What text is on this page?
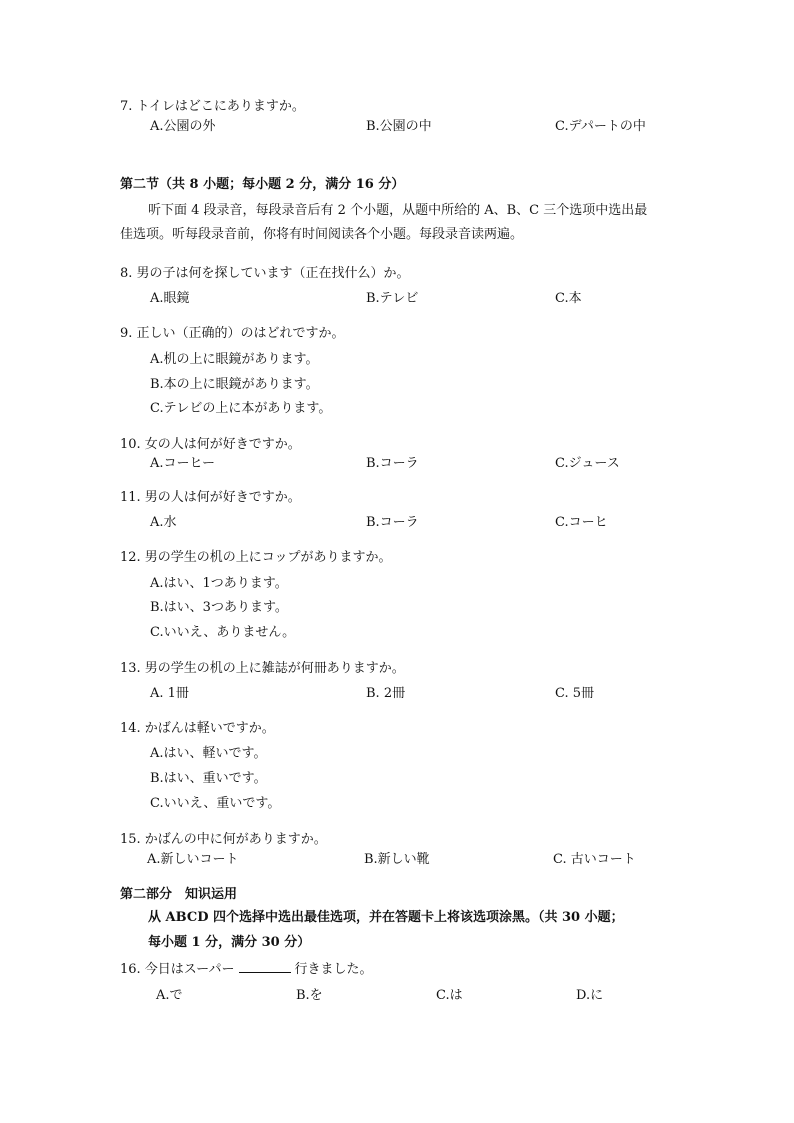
7. トイレはどこにありますか。
A.公園の外	B.公園の中	C.デパートの中
第二节（共 8 小题；每小题 2 分，满分 16 分）
听下面 4 段录音，每段录音后有 2 个小题，从题中所给的 A、B、C 三个选项中选出最
佳选项。听每段录音前，你将有时间阅读各个小题。每段录音读两遍。
8. 男の子は何を探しています（正在找什么）か。
A.眼鏡	B.テレビ	C.本
9. 正しい（正确的）のはどれですか。
A.机の上に眼鏡があります。
B.本の上に眼鏡があります。
C.テレビの上に本があります。
10. 女の人は何が好きですか。
A.コーヒー	B.コーラ	C.ジュース
11. 男の人は何が好きですか。
A.水	B.コーラ	C.コーヒ
12. 男の学生の机の上にコップがありますか。
A.はい、1つあります。
B.はい、3つあります。
C.いいえ、ありません。
13. 男の学生の机の上に雑誌が何冊ありますか。
A. 1冊	B. 2冊	C. 5冊
14. かばんは軽いですか。
A.はい、軽いです。
B.はい、重いです。
C.いいえ、重いです。
15. かばんの中に何がありますか。
A.新しいコート	B.新しい靴	C. 古いコート
第二部分　知识运用
从 ABCD 四个选择中选出最佳选项，并在答题卡上将该选项涂黑。（共 30 小题；
每小题 1 分，满分 30 分）
16. 今日はスーパー	行きました。
A.で	B.を	C.は	D.に
